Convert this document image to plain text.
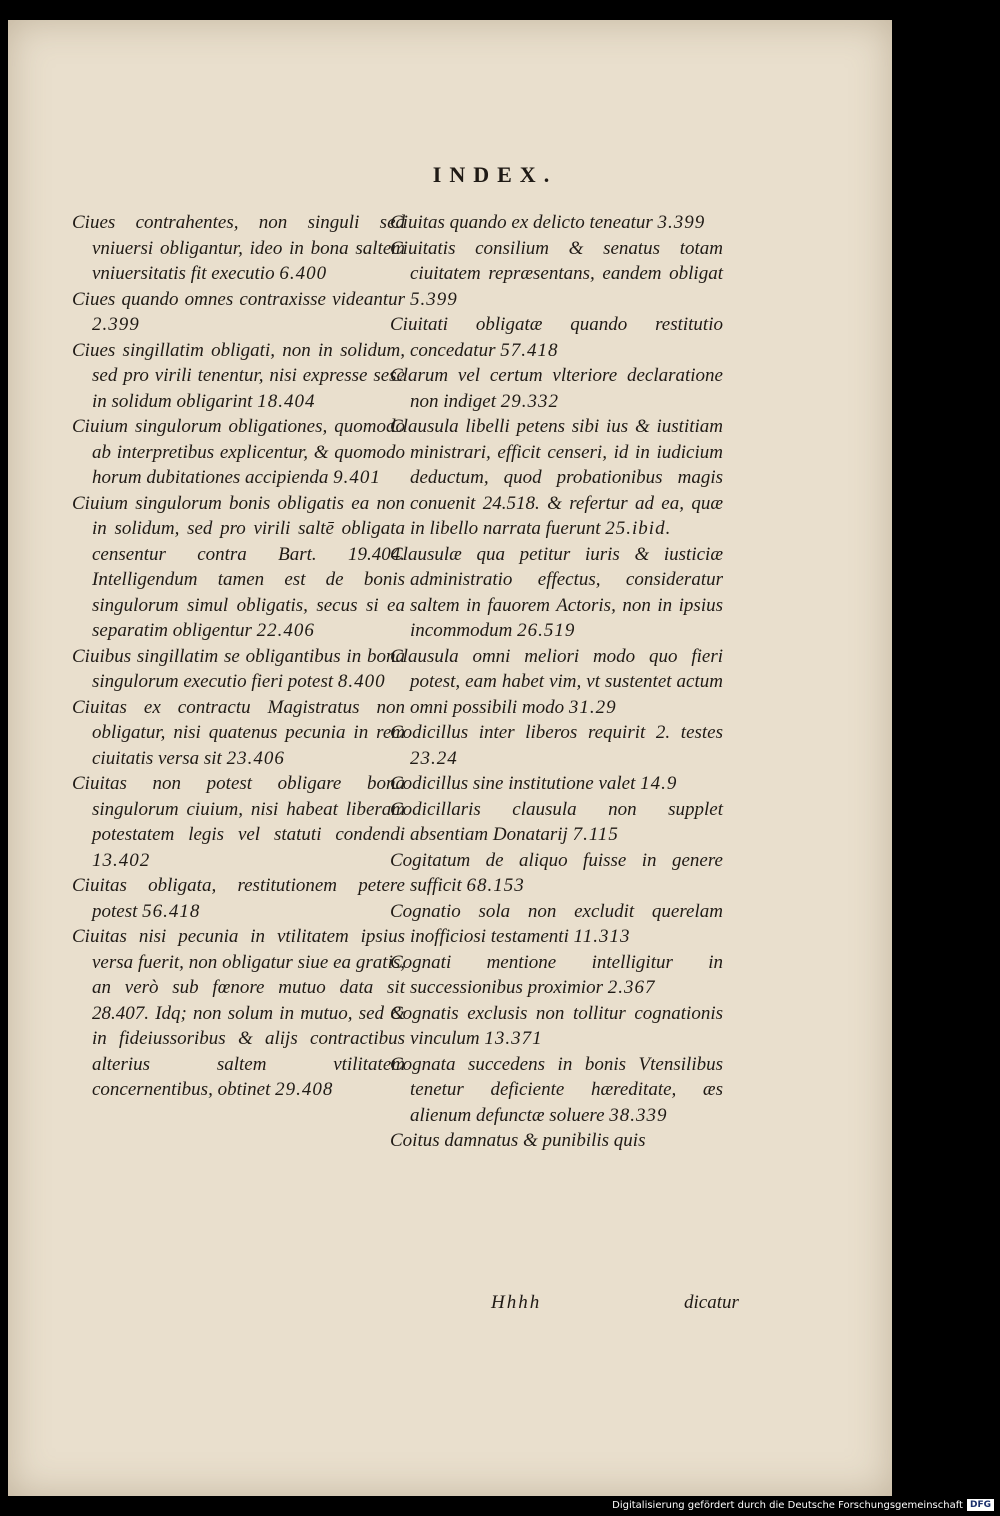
INDEX.

Ciues contrahentes, non singuli sed vniuersi obligantur, ideo in bona saltem vniuersitatis fit executio 6.400

Ciues quando omnes contraxisse videantur 2.399

Ciues singillatim obligati, non in solidum, sed pro virili tenentur, nisi expresse sese in solidum obligarint 18.404

Ciuium singulorum obligationes, quomodo ab interpretibus explicentur, & quomodo horum dubitationes accipienda 9.401

Ciuium singulorum bonis obligatis ea non in solidum, sed pro virili saltē obligata censentur contra Bart. 19.404. Intelligendum tamen est de bonis singulorum simul obligatis, secus si ea separatim obligentur 22.406

Ciuibus singillatim se obligantibus in bona singulorum executio fieri potest 8.400

Ciuitas ex contractu Magistratus non obligatur, nisi quatenus pecunia in rem ciuitatis versa sit 23.406

Ciuitas non potest obligare bona singulorum ciuium, nisi habeat liberam potestatem legis vel statuti condendi 13.402

Ciuitas obligata, restitutionem petere potest 56.418

Ciuitas nisi pecunia in vtilitatem ipsius versa fuerit, non obligatur siue ea gratis, an verò sub fœnore mutuo data sit 28.407. Idq; non solum in mutuo, sed & in fideiussoribus & alijs contractibus alterius saltem vtilitatem concernentibus, obtinet 29.408

Ciuitas quando ex delicto teneatur 3.399

Ciuitatis consilium & senatus totam ciuitatem repræsentans, eandem obligat 5.399

Ciuitati obligatæ quando restitutio concedatur 57.418

Clarum vel certum vlteriore declaratione non indiget 29.332

Clausula libelli petens sibi ius & iustitiam ministrari, efficit censeri, id in iudicium deductum, quod probationibus magis conuenit 24.518. & refertur ad ea, quæ in libello narrata fuerunt 25.ibid.

Clausulæ qua petitur iuris & iusticiæ administratio effectus, consideratur saltem in fauorem Actoris, non in ipsius incommodum 26.519

Clausula omni meliori modo quo fieri potest, eam habet vim, vt sustentet actum omni possibili modo 31.29

Codicillus inter liberos requirit 2. testes 23.24

Codicillus sine institutione valet 14.9

Codicillaris clausula non supplet absentiam Donatarij 7.115

Cogitatum de aliquo fuisse in genere sufficit 68.153

Cognatio sola non excludit querelam inofficiosi testamenti 11.313

Cognati mentione intelligitur in successionibus proximior 2.367

Cognatis exclusis non tollitur cognationis vinculum 13.371

Cognata succedens in bonis Vtensilibus tenetur deficiente hæreditate, æs alienum defunctæ soluere 38.339

Coitus damnatus & punibilis quis

Hhhh	dicatur
Digitalisierung gefördert durch die Deutsche Forschungsgemeinschaft DFG
